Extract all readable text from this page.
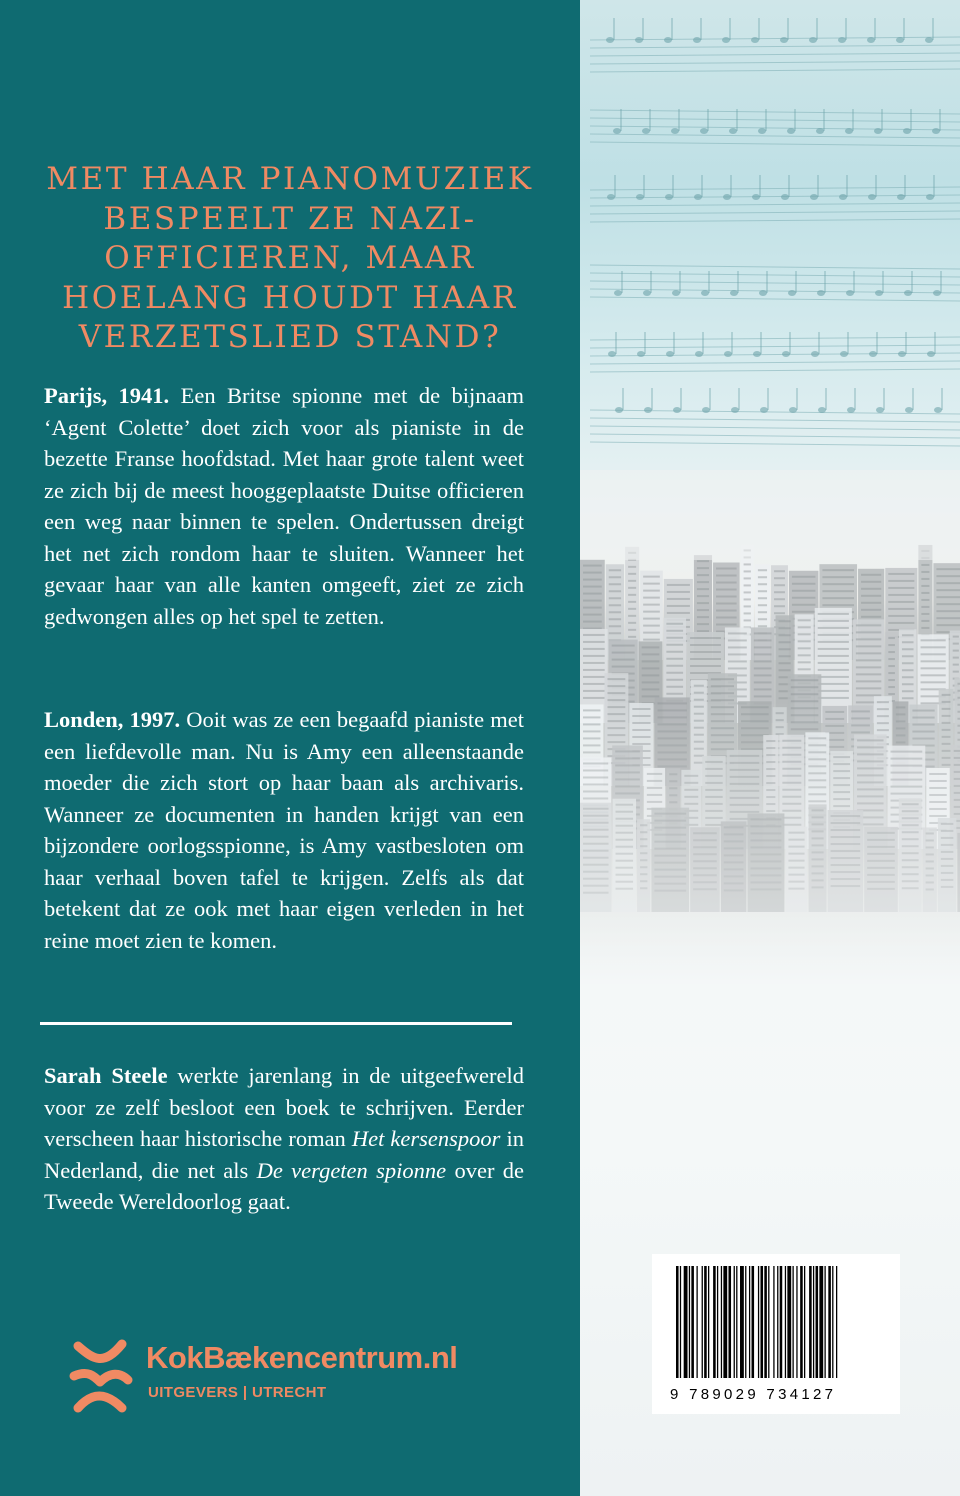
MET HAAR PIANOMUZIEK
BESPEELT ZE NAZI-
OFFICIEREN, MAAR
HOELANG HOUDT HAAR
VERZETSLIED STAND?
Parijs, 1941. Een Britse spionne met de bijnaam ‘Agent Colette’ doet zich voor als pianiste in de bezette Franse hoofdstad. Met haar grote talent weet ze zich bij de meest hooggeplaatste Duitse officieren een weg naar binnen te spelen. Ondertussen dreigt het net zich rondom haar te sluiten. Wanneer het gevaar haar van alle kanten omgeeft, ziet ze zich gedwongen alles op het spel te zetten.
Londen, 1997. Ooit was ze een begaafd pianiste met een liefdevolle man. Nu is Amy een alleenstaande moeder die zich stort op haar baan als archivaris. Wanneer ze documenten in handen krijgt van een bijzondere oorlogsspionne, is Amy vastbesloten om haar verhaal boven tafel te krijgen. Zelfs als dat betekent dat ze ook met haar eigen verleden in het reine moet zien te komen.
Sarah Steele werkte jarenlang in de uitgeefwereld voor ze zelf besloot een boek te schrijven. Eerder verscheen haar historische roman Het kersenspoor in Nederland, die net als De vergeten spionne over de Tweede Wereldoorlog gaat.
KokBækencentrum.nl
UITGEVERS | UTRECHT	9 789029 734127
